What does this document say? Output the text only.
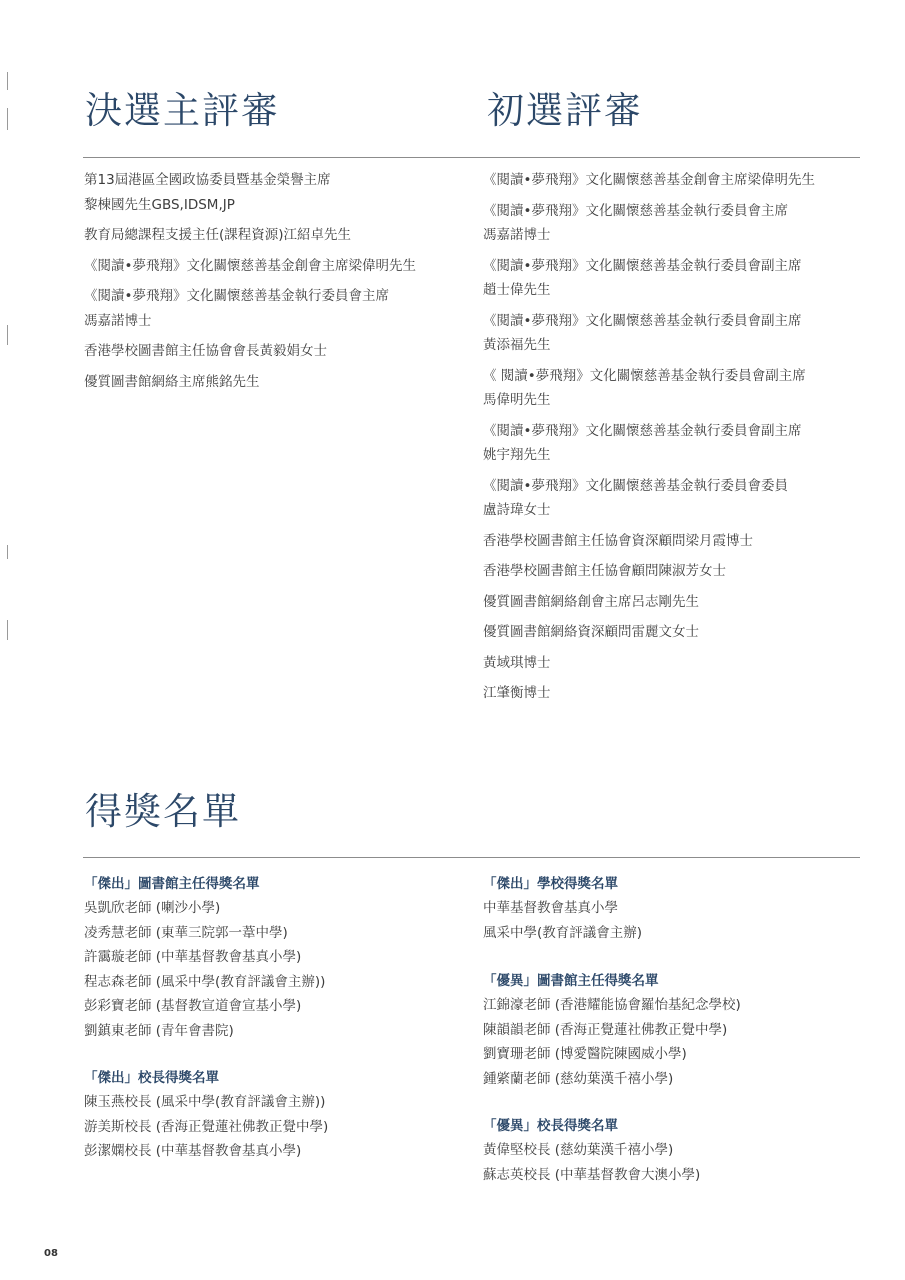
決選主評審	初選評審
第13屆港區全國政協委員暨基金榮譽主席
黎棟國先生GBS,IDSM,JP
教育局總課程支援主任(課程資源)江紹卓先生
《閱讀•夢飛翔》文化關懷慈善基金創會主席梁偉明先生
《閱讀•夢飛翔》文化關懷慈善基金執行委員會主席
馮嘉諾博士
香港學校圖書館主任協會會長黃毅娟女士
優質圖書館網絡主席熊銘先生
《閱讀•夢飛翔》文化關懷慈善基金創會主席梁偉明先生
《閱讀•夢飛翔》文化關懷慈善基金執行委員會主席
馮嘉諾博士
《閱讀•夢飛翔》文化關懷慈善基金執行委員會副主席
趙士偉先生
《閱讀•夢飛翔》文化關懷慈善基金執行委員會副主席
黃添福先生
《 閱讀•夢飛翔》文化關懷慈善基金執行委員會副主席
馬偉明先生
《閱讀•夢飛翔》文化關懷慈善基金執行委員會副主席
姚宇翔先生
《閱讀•夢飛翔》文化關懷慈善基金執行委員會委員
盧詩瑋女士
香港學校圖書館主任協會資深顧問梁月霞博士
香港學校圖書館主任協會顧問陳淑芳女士
優質圖書館網絡創會主席呂志剛先生
優質圖書館網絡資深顧問雷麗文女士
黃域琪博士
江肇衡博士
得獎名單
「傑出」圖書館主任得獎名單
吳凱欣老師 (喇沙小學)
凌秀慧老師 (東華三院郭一葦中學)
許靄璇老師 (中華基督教會基真小學)
程志森老師 (風采中學(教育評議會主辦))
彭彩寶老師 (基督教宣道會宣基小學)
劉鎮東老師 (青年會書院)
「傑出」校長得獎名單
陳玉燕校長 (風采中學(教育評議會主辦))
游美斯校長 (香海正覺蓮社佛教正覺中學)
彭潔嫻校長 (中華基督教會基真小學)
「傑出」學校得獎名單
中華基督教會基真小學
風采中學(教育評議會主辦)
「優異」圖書館主任得獎名單
江錦濠老師 (香港耀能協會羅怡基紀念學校)
陳韻韻老師 (香海正覺蓮社佛教正覺中學)
劉寶珊老師 (博愛醫院陳國威小學)
鍾綮蘭老師 (慈幼葉漢千禧小學)
「優異」校長得獎名單
黃偉堅校長 (慈幼葉漢千禧小學)
蘇志英校長 (中華基督教會大澳小學)
08
